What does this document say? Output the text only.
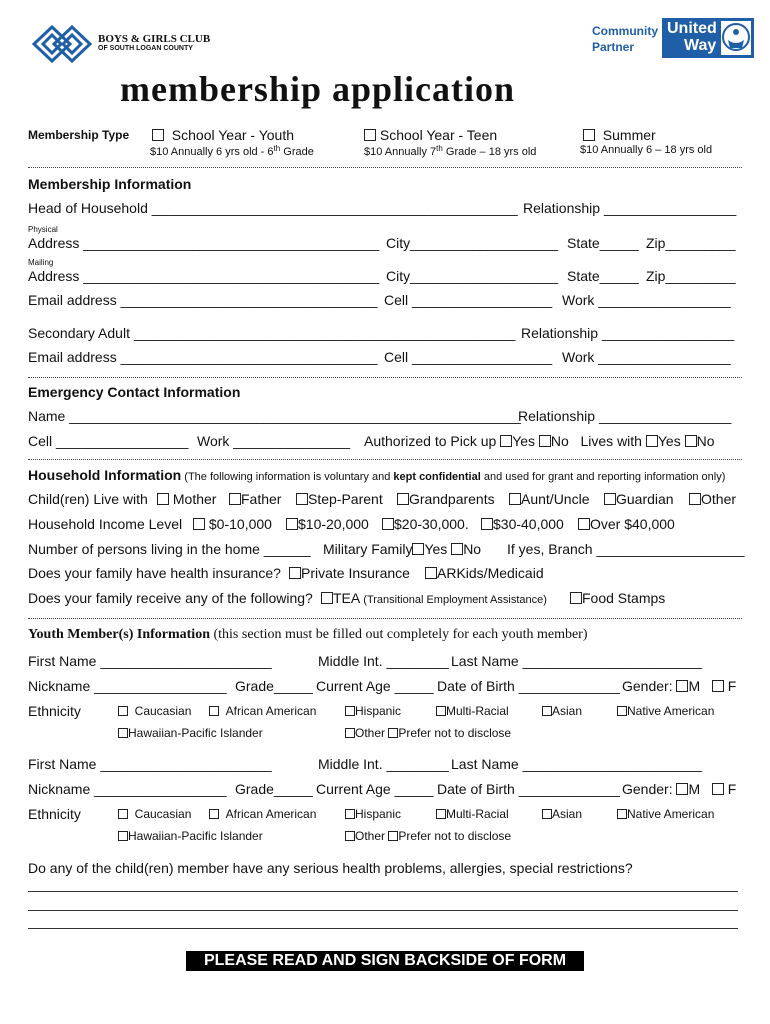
BOYS & GIRLS CLUB
OF SOUTH LOGAN COUNTY
Community
Partner
United
Way
membership application
Membership Type	School Year - Youth
$10 Annually 6 yrs old - 6th Grade
School Year - Teen
$10 Annually 7th Grade – 18 yrs old
Summer
$10 Annually 6 – 18 yrs old
Membership Information
Head of Household _______________________________________________ Relationship _________________
Physical
Address ______________________________________ City___________________ State_____ Zip_________
Mailing
Address ______________________________________ City___________________ State_____ Zip_________
Email address _________________________________ Cell __________________ Work _________________
Secondary Adult _________________________________________________ Relationship _________________
Email address _________________________________ Cell __________________ Work _________________
Emergency Contact Information
Name __________________________________________________________
Relationship _________________
Cell _________________ Work _______________ Authorized to Pick up Yes No Lives with Yes No
Household Information (The following information is voluntary and kept confidential and used for grant and reporting information only)
Child(ren) Live with	Mother	Father	Step-Parent	Grandparents	Aunt/Uncle	Guardian	Other
Household Income Level	$0-10,000	$10-20,000	$20-30,000.	$30-40,000	Over $40,000
Number of persons living in the home ______ Military Family Yes No If yes, Branch ___________________
Does your family have health insurance?	Private Insurance	ARKids/Medicaid
Does your family receive any of the following?	TEA (Transitional Employment Assistance)	Food Stamps
Youth Member(s) Information (this section must be filled out completely for each youth member)
First Name ______________________	Middle Int. ________ Last Name _______________________
Nickname _________________ Grade_____ Current Age _____ Date of Birth _____________ Gender: M F
Ethnicity	Caucasian	African American	Hispanic	Multi-Racial	Asian	Native American
Hawaiian-Pacific Islander	Other Prefer not to disclose
First Name ______________________	Middle Int. ________ Last Name _______________________
Nickname _________________ Grade_____ Current Age _____ Date of Birth _____________ Gender: M F
Ethnicity	Caucasian	African American	Hispanic	Multi-Racial	Asian	Native American
Hawaiian-Pacific Islander	Other Prefer not to disclose
Do any of the child(ren) member have any serious health problems, allergies, special restrictions?
PLEASE READ AND SIGN BACKSIDE OF FORM
